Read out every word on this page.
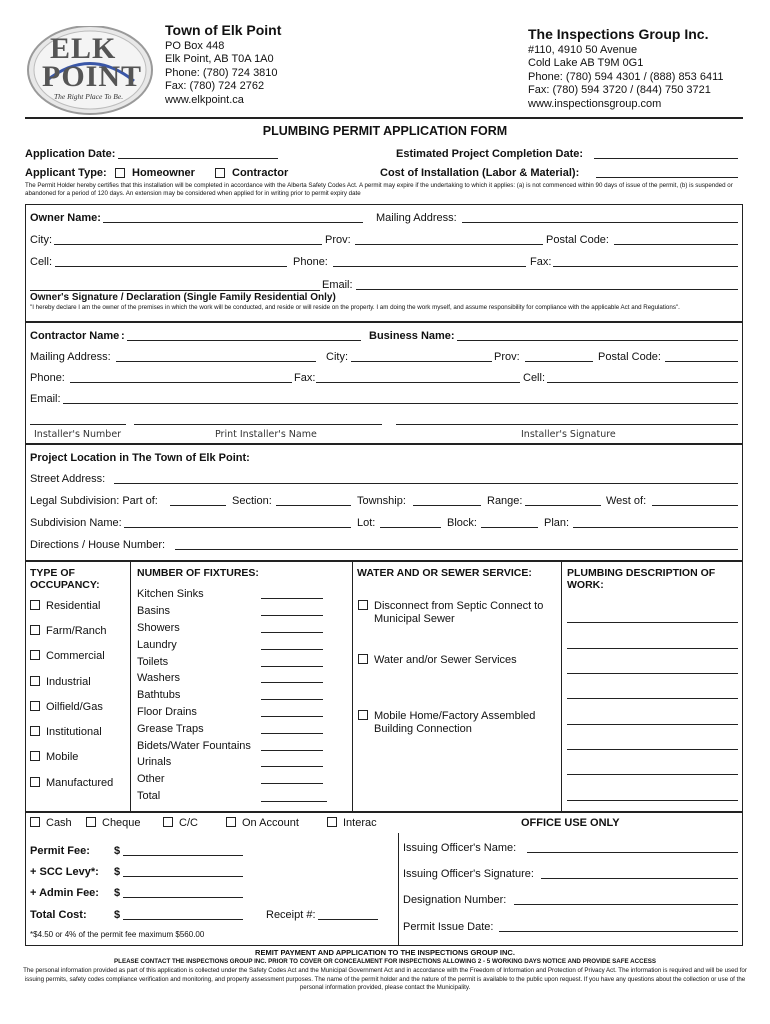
ELK
POINT
The Right Place To Be.
Town of Elk Point
PO Box 448
Elk Point, AB T0A 1A0
Phone: (780) 724 3810
Fax: (780) 724 2762
www.elkpoint.ca
The Inspections Group Inc.
#110, 4910 50 Avenue
Cold Lake AB T9M 0G1
Phone: (780) 594 4301 / (888) 853 6411
Fax: (780) 594 3720 / (844) 750 3721
www.inspectionsgroup.com
PLUMBING PERMIT APPLICATION FORM
Application Date:	Estimated Project Completion Date:
Applicant Type: Homeowner	Contractor	Cost of Installation (Labor & Material):
The Permit Holder hereby certifies that this installation will be completed in accordance with the Alberta Safety Codes Act. A permit may expire if the undertaking to which it applies: (a) is not commenced within 90 days of issue of the permit, (b) is suspended or abandoned for a period of 120 days. An extension may be considered when applied for in writing prior to permit expiry date
Owner Name:	Mailing Address:
City:	Prov:	Postal Code:
Cell:	Phone:	Fax:
Email:
Owner's Signature / Declaration (Single Family Residential Only)
"I hereby declare I am the owner of the premises in which the work will be conducted, and reside or will reside on the property. I am doing the work myself, and assume responsibility for compliance with the applicable Act and Regulations".
Contractor Name :	Business Name:
Mailing Address:	City:	Prov:	Postal Code:
Phone:	Fax:	Cell:
Email:
Installer's Number	Print Installer's Name	Installer's Signature
Project Location in The Town of Elk Point:
Street Address:
Legal Subdivision: Part of:	Section:	Township:	Range:	West of:
Subdivision Name:	Lot:	Block:	Plan:
Directions / House Number:
TYPE OF
OCCUPANCY:
Residential
Farm/Ranch
Commercial
Industrial
Oilfield/Gas
Institutional
Mobile
Manufactured
NUMBER OF FIXTURES:
Kitchen Sinks
Basins
Showers
Laundry
Toilets
Washers
Bathtubs
Floor Drains
Grease Traps
Bidets/Water Fountains
Urinals
Other
Total
WATER AND OR SEWER SERVICE:
Disconnect from Septic Connect to
Municipal Sewer
Water and/or Sewer Services
Mobile Home/Factory Assembled
Building Connection
PLUMBING DESCRIPTION OF
WORK:
Cash	Cheque	C/C	On Account	Interac
Permit Fee: $
+ SCC Levy*: $
+ Admin Fee: $
Total Cost: $	Receipt #:
*$4.50 or 4% of the permit fee maximum $560.00
OFFICE USE ONLY
Issuing Officer's Name:
Issuing Officer's Signature:
Designation Number:
Permit Issue Date:
REMIT PAYMENT AND APPLICATION TO THE INSPECTIONS GROUP INC.
PLEASE CONTACT THE INSPECTIONS GROUP INC. PRIOR TO COVER OR CONCEALMENT FOR INSPECTIONS ALLOWING 2 - 5 WORKING DAYS NOTICE AND PROVIDE SAFE ACCESS
The personal information provided as part of this application is collected under the Safety Codes Act and the Municipal Government Act and in accordance with the Freedom of Information and Protection of Privacy Act. The information is required and will be used for issuing permits, safety codes compliance verification and monitoring, and property assessment purposes. The name of the permit holder and the nature of the permit is available to the public upon request. If you have any questions about the collection or use of the personal information provided, please contact the Municipality.
